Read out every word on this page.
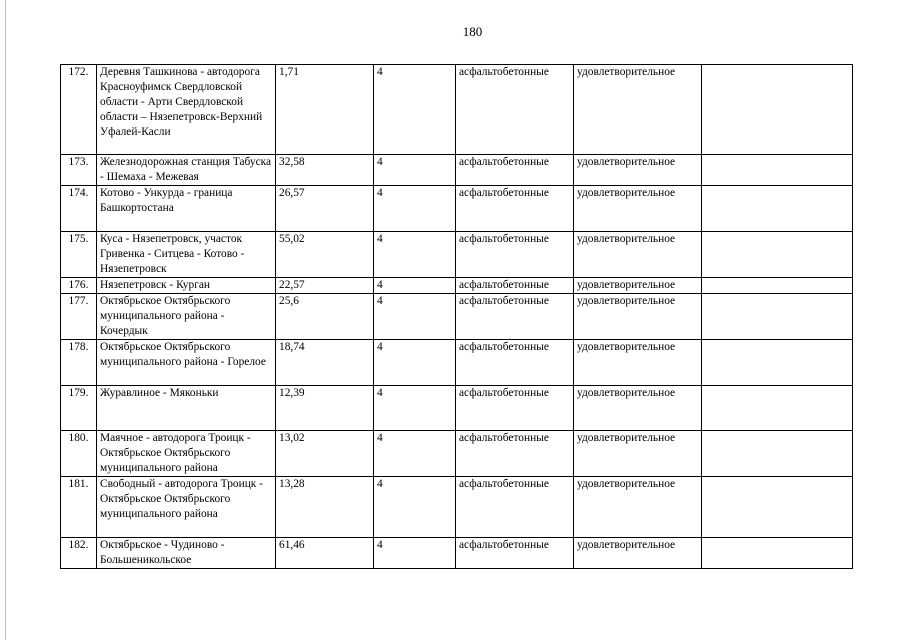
180
172.	Деревня Ташкинова - автодорога Красноуфимск Свердловской области - Арти Свердловской области – Нязепетровск-Верхний Уфалей-Касли	1,71	4	асфальтобетонные	удовлетворительное	
173.	Железнодорожная станция Табуска - Шемаха - Межевая	32,58	4	асфальтобетонные	удовлетворительное	
174.	Котово - Ункурда - граница Башкортостана	26,57	4	асфальтобетонные	удовлетворительное	
175.	Куса - Нязепетровск, участок Гривенка - Ситцева - Котово - Нязепетровск	55,02	4	асфальтобетонные	удовлетворительное	
176.	Нязепетровск - Курган	22,57	4	асфальтобетонные	удовлетворительное	
177.	Октябрьское Октябрьского муниципального района - Кочердык	25,6	4	асфальтобетонные	удовлетворительное	
178.	Октябрьское Октябрьского муниципального района - Горелое	18,74	4	асфальтобетонные	удовлетворительное	
179.	Журавлиное - Мяконьки	12,39	4	асфальтобетонные	удовлетворительное	
180.	Маячное - автодорога Троицк - Октябрьское Октябрьского муниципального района	13,02	4	асфальтобетонные	удовлетворительное	
181.	Свободный - автодорога Троицк - Октябрьское Октябрьского муниципального района	13,28	4	асфальтобетонные	удовлетворительное	
182.	Октябрьское - Чудиново - Большеникольское	61,46	4	асфальтобетонные	удовлетворительное	
